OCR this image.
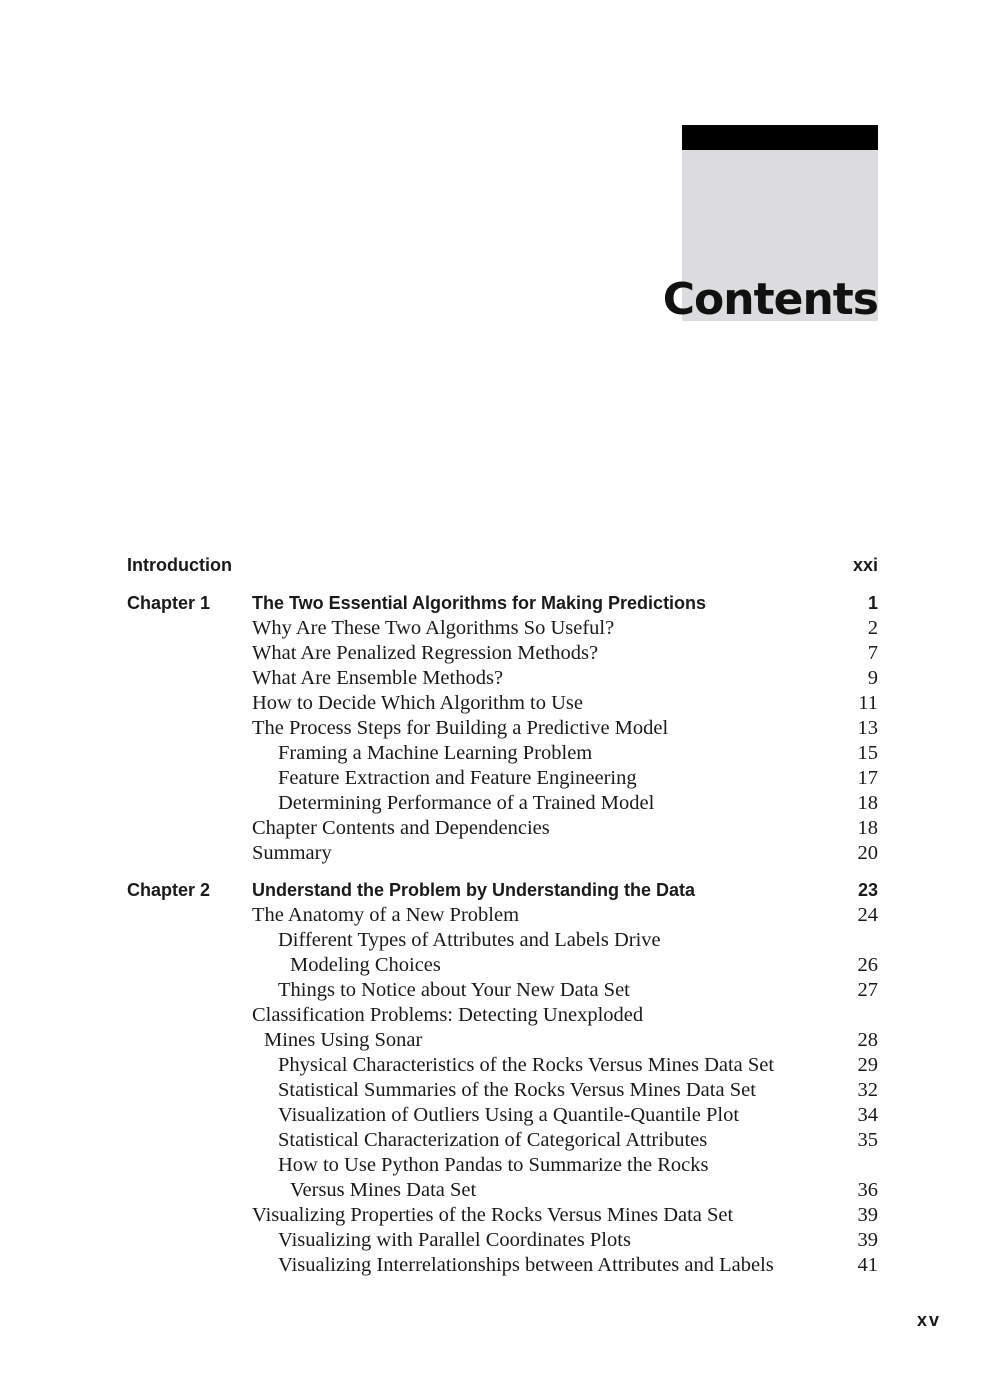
Contents
Introduction	xxi
Chapter 1 The Two Essential Algorithms for Making Predictions	1
Why Are These Two Algorithms So Useful?	2
What Are Penalized Regression Methods?	7
What Are Ensemble Methods?	9
How to Decide Which Algorithm to Use	11
The Process Steps for Building a Predictive Model	13
Framing a Machine Learning Problem	15
Feature Extraction and Feature Engineering	17
Determining Performance of a Trained Model	18
Chapter Contents and Dependencies	18
Summary	20
Chapter 2 Understand the Problem by Understanding the Data	23
The Anatomy of a New Problem	24
Different Types of Attributes and Labels Drive
Modeling Choices	26
Things to Notice about Your New Data Set	27
Classification Problems: Detecting Unexploded
Mines Using Sonar	28
Physical Characteristics of the Rocks Versus Mines Data Set	29
Statistical Summaries of the Rocks Versus Mines Data Set	32
Visualization of Outliers Using a Quantile-Quantile Plot	34
Statistical Characterization of Categorical Attributes	35
How to Use Python Pandas to Summarize the Rocks
Versus Mines Data Set	36
Visualizing Properties of the Rocks Versus Mines Data Set	39
Visualizing with Parallel Coordinates Plots	39
Visualizing Interrelationships between Attributes and Labels	41
xv
